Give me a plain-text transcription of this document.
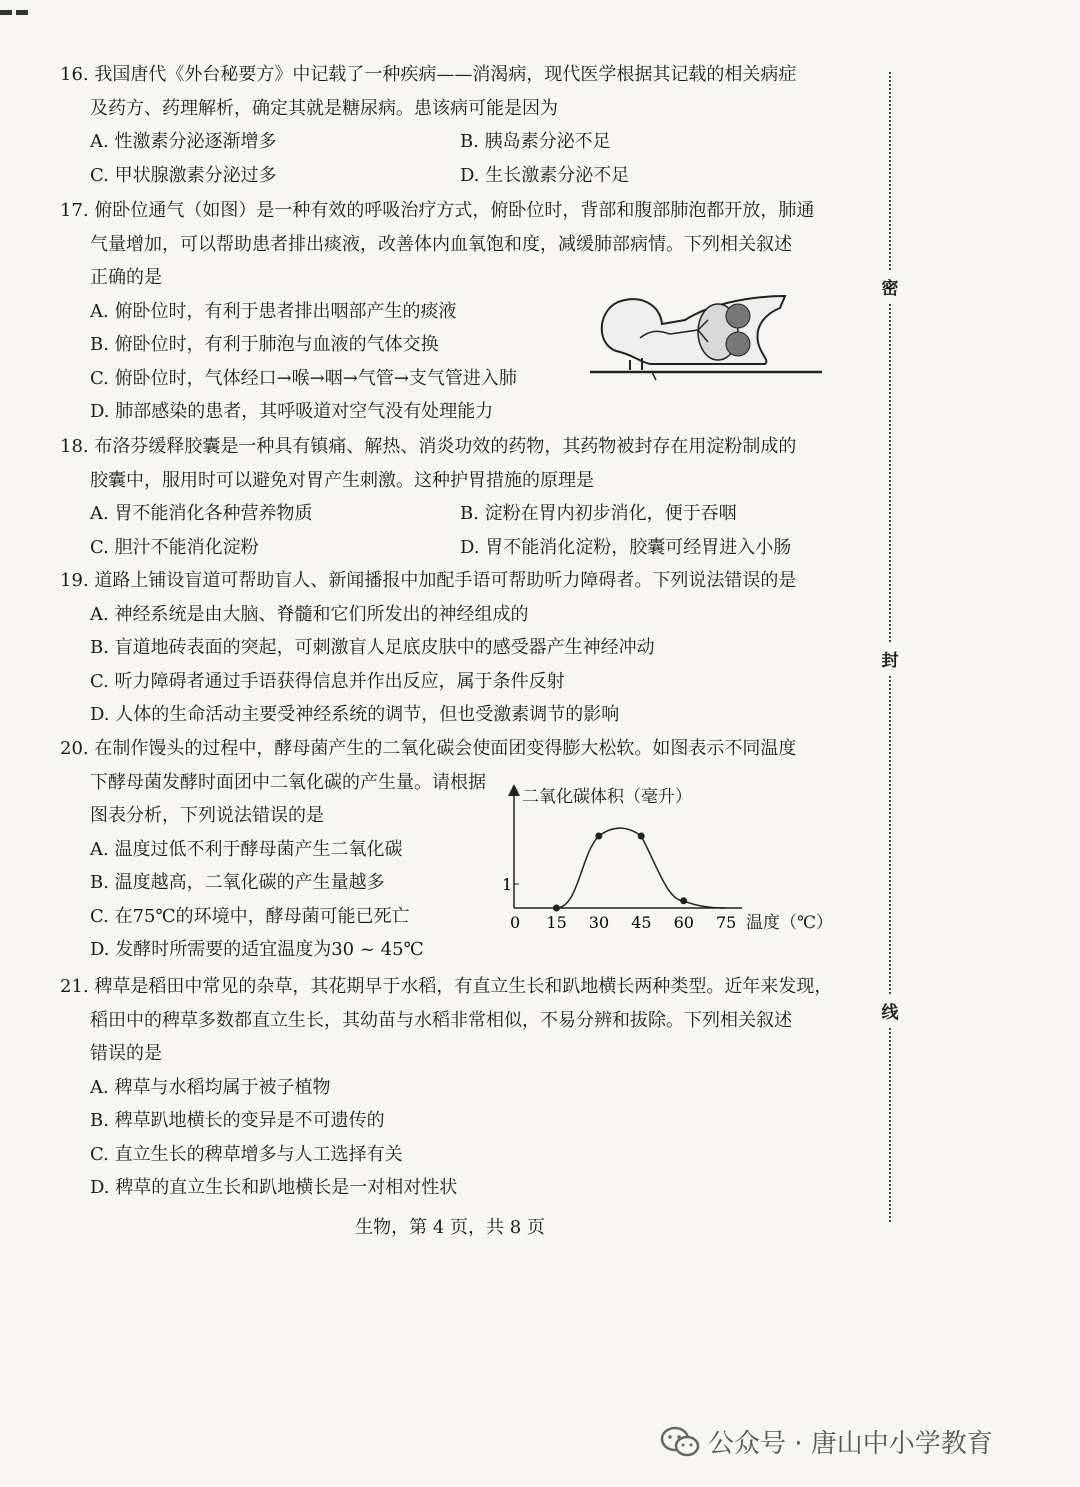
16. 我国唐代《外台秘要方》中记载了一种疾病——消渴病，现代医学根据其记载的相关病症
及药方、药理解析，确定其就是糖尿病。患该病可能是因为
A. 性激素分泌逐渐增多	B. 胰岛素分泌不足
C. 甲状腺激素分泌过多	D. 生长激素分泌不足
17. 俯卧位通气（如图）是一种有效的呼吸治疗方式，俯卧位时，背部和腹部肺泡都开放，肺通
气量增加，可以帮助患者排出痰液，改善体内血氧饱和度，减缓肺部病情。下列相关叙述
正确的是
A. 俯卧位时，有利于患者排出咽部产生的痰液
B. 俯卧位时，有利于肺泡与血液的气体交换
C. 俯卧位时，气体经口→喉→咽→气管→支气管进入肺
D. 肺部感染的患者，其呼吸道对空气没有处理能力
18. 布洛芬缓释胶囊是一种具有镇痛、解热、消炎功效的药物，其药物被封存在用淀粉制成的
胶囊中，服用时可以避免对胃产生刺激。这种护胃措施的原理是
A. 胃不能消化各种营养物质	B. 淀粉在胃内初步消化，便于吞咽
C. 胆汁不能消化淀粉	D. 胃不能消化淀粉，胶囊可经胃进入小肠
19. 道路上铺设盲道可帮助盲人、新闻播报中加配手语可帮助听力障碍者。下列说法错误的是
A. 神经系统是由大脑、脊髓和它们所发出的神经组成的
B. 盲道地砖表面的突起，可刺激盲人足底皮肤中的感受器产生神经冲动
C. 听力障碍者通过手语获得信息并作出反应，属于条件反射
D. 人体的生命活动主要受神经系统的调节，但也受激素调节的影响
20. 在制作馒头的过程中，酵母菌产生的二氧化碳会使面团变得膨大松软。如图表示不同温度
下酵母菌发酵时面团中二氧化碳的产生量。请根据
图表分析，下列说法错误的是
A. 温度过低不利于酵母菌产生二氧化碳
B. 温度越高，二氧化碳的产生量越多
C. 在75℃的环境中，酵母菌可能已死亡
D. 发酵时所需要的适宜温度为30 ~ 45℃
二氧化碳体积（毫升）
温度（℃）
0 15 30 45 60 75
1
21. 稗草是稻田中常见的杂草，其花期早于水稻，有直立生长和趴地横长两种类型。近年来发现，
稻田中的稗草多数都直立生长，其幼苗与水稻非常相似，不易分辨和拔除。下列相关叙述
错误的是
A. 稗草与水稻均属于被子植物
B. 稗草趴地横长的变异是不可遗传的
C. 直立生长的稗草增多与人工选择有关
D. 稗草的直立生长和趴地横长是一对相对性状
密
封
线
生物，第 4 页，共 8 页
公众号 · 唐山中小学教育
